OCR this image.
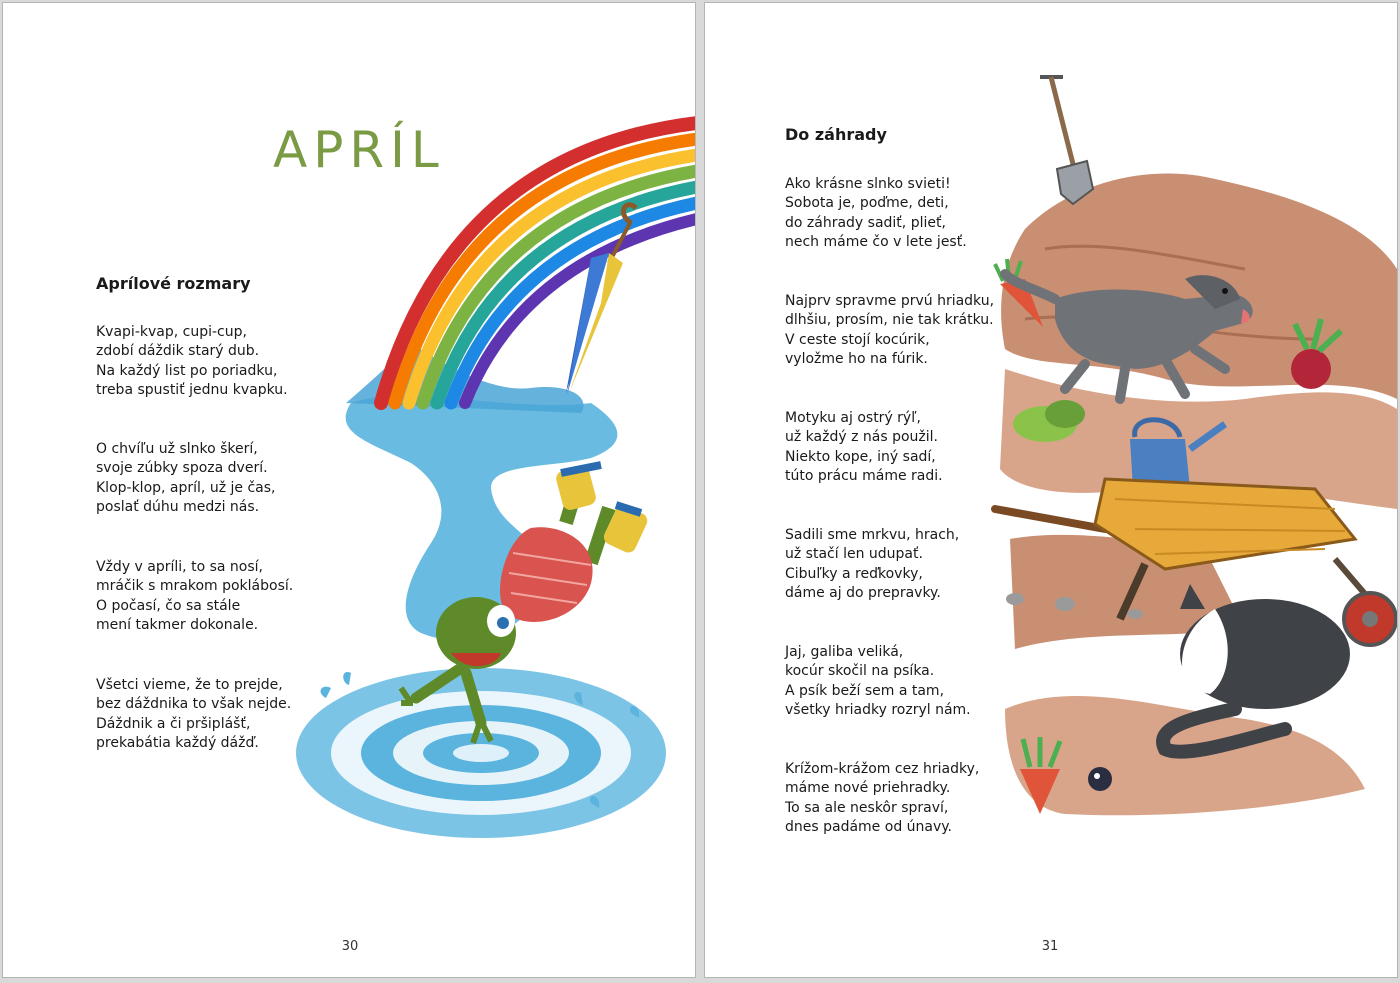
APRÍL
Aprílové rozmary
Kvapi-kvap, cupi-cup,
zdobí dáždik starý dub.
Na každý list po poriadku,
treba spustiť jednu kvapku.
O chvíľu už slnko škerí,
svoje zúbky spoza dverí.
Klop-klop, apríl, už je čas,
poslať dúhu medzi nás.
Vždy v apríli, to sa nosí,
mráčik s mrakom poklábosí.
O počasí, čo sa stále
mení takmer dokonale.
Všetci vieme, že to prejde,
bez dáždnika to však nejde.
Dáždnik a či pršiplášť,
prekabátia každý dážď.
30
Do záhrady
Ako krásne slnko svieti!
Sobota je, poďme, deti,
do záhrady sadiť, plieť,
nech máme čo v lete jesť.
Najprv spravme prvú hriadku,
dlhšiu, prosím, nie tak krátku.
V ceste stojí kocúrik,
vyložme ho na fúrik.
Motyku aj ostrý rýľ,
už každý z nás použil.
Niekto kope, iný sadí,
túto prácu máme radi.
Sadili sme mrkvu, hrach,
už stačí len udupať.
Cibuľky a reďkovky,
dáme aj do prepravky.
Jaj, galiba veliká,
kocúr skočil na psíka.
A psík beží sem a tam,
všetky hriadky rozryl nám.
Krížom-krážom cez hriadky,
máme nové priehradky.
To sa ale neskôr spraví,
dnes padáme od únavy.
31
